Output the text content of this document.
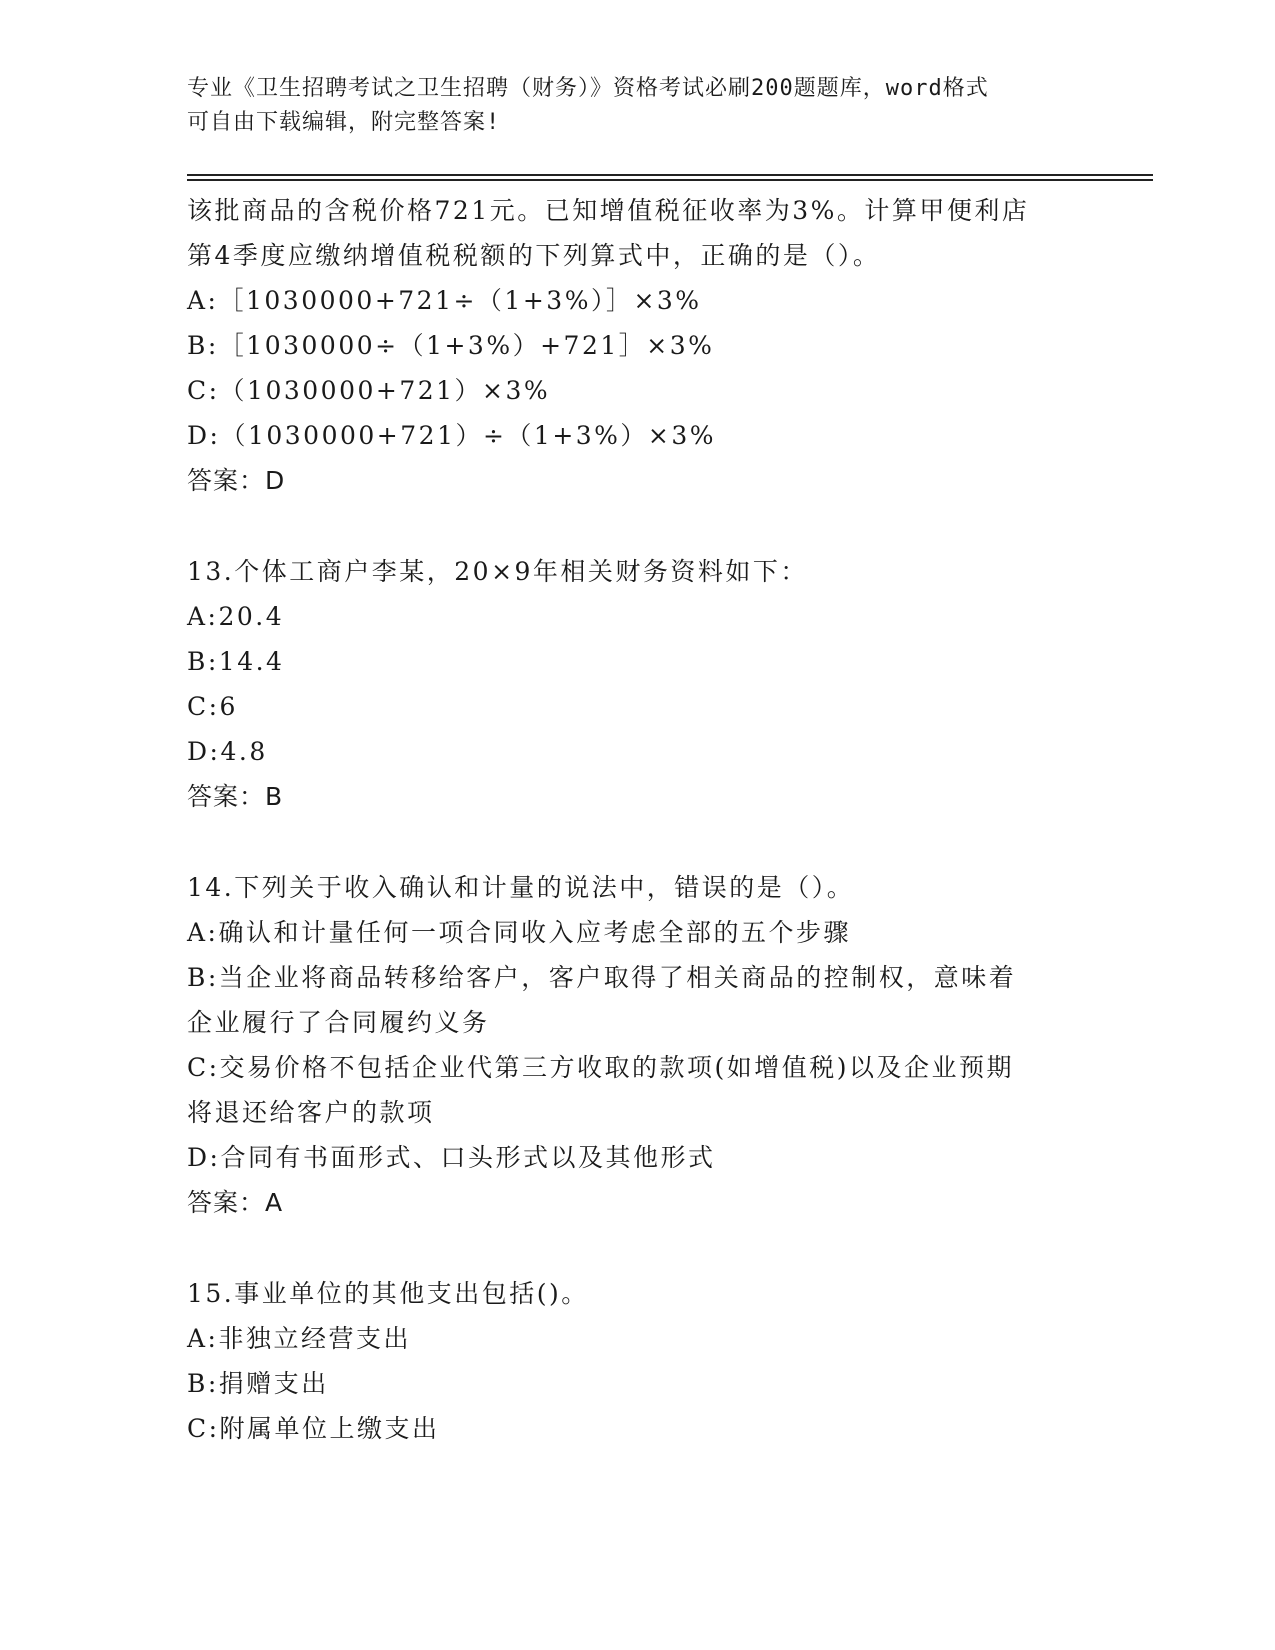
专业《卫生招聘考试之卫生招聘（财务）》资格考试必刷200题题库，word格式
可自由下载编辑，附完整答案!
该批商品的含税价格721元。已知增值税征收率为3%。计算甲便利店
第4季度应缴纳增值税税额的下列算式中，正确的是（）。
A:［1030000+721÷（1+3%）］×3%
B:［1030000÷（1+3%）+721］×3%
C:（1030000+721）×3%
D:（1030000+721）÷（1+3%）×3%
答案：D
13.个体工商户李某，20×9年相关财务资料如下：
A:20.4
B:14.4
C:6
D:4.8
答案：B
14.下列关于收入确认和计量的说法中，错误的是（）。
A:确认和计量任何一项合同收入应考虑全部的五个步骤
B:当企业将商品转移给客户，客户取得了相关商品的控制权，意味着
企业履行了合同履约义务
C:交易价格不包括企业代第三方收取的款项(如增值税)以及企业预期
将退还给客户的款项
D:合同有书面形式、口头形式以及其他形式
答案：A
15.事业单位的其他支出包括()。
A:非独立经营支出
B:捐赠支出
C:附属单位上缴支出
